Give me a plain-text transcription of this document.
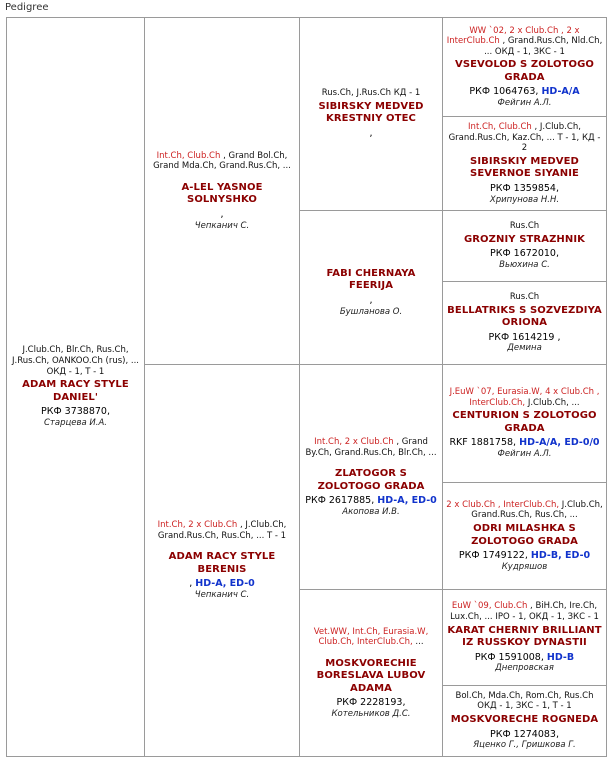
Pedigree
J.Club.Ch, Blr.Ch, Rus.Ch, J.Rus.Ch, OANKOO.Ch (rus), ... ОКД - 1, Т - 1
ADAM RACY STYLE DANIEL'
РКФ 3738870,
Старцева И.А.	Int.Ch, Club.Ch , Grand Bol.Ch, Grand Mda.Ch, Grand.Rus.Ch, ...
A-LEL YASNOE SOLNYSHKO
,
Чепканич С.	Rus.Ch, J.Rus.Ch КД - 1
SIBIRSKY MEDVED KRESTNIY OTEC
,	WW `02, 2 x Club.Ch , 2 x InterClub.Ch , Grand.Rus.Ch, Nld.Ch, ... ОКД - 1, ЗКС - 1
VSEVOLOD S ZOLOTOGO GRADA
РКФ 1064763, HD-A/A
Фейгин А.Л.

			Int.Ch, Club.Ch , J.Club.Ch, Grand.Rus.Ch, Kaz.Ch, ... Т - 1, КД - 2
SIBIRSKIY MEDVED SEVERNOE SIYANIE
РКФ 1359854,
Хрипунова Н.Н.

		FABI CHERNAYA FEERIJA
,
Бушланова О.	Rus.Ch
GROZNIY STRAZHNIK
РКФ 1672010,
Вьюхина С.

			Rus.Ch
BELLATRIKS S SOZVEZDIYA ORIONA
РКФ 1614219 ,
Демина

	Int.Ch, 2 x Club.Ch , J.Club.Ch, Grand.Rus.Ch, Rus.Ch, ... Т - 1
ADAM RACY STYLE BERENIS
, HD-A, ED-0
Чепканич С.	Int.Ch, 2 x Club.Ch , Grand By.Ch, Grand.Rus.Ch, Blr.Ch, ...
ZLATOGOR S ZOLOTOGO GRADA
РКФ 2617885, HD-A, ED-0
Акопова И.В.	J.EuW `07, Eurasia.W, 4 x Club.Ch , InterClub.Ch, J.Club.Ch, ...
CENTURION S ZOLOTOGO GRADA
RKF 1881758, HD-A/A, ED-0/0
Фейгин А.Л.

			2 x Club.Ch , InterClub.Ch, J.Club.Ch, Grand.Rus.Ch, Rus.Ch, ...
ODRI MILASHKA S ZOLOTOGO GRADA
РКФ 1749122, HD-B, ED-0
Кудряшов

		Vet.WW, Int.Ch, Eurasia.W, Club.Ch, InterClub.Ch, ...
MOSKVORECHIE BORESLAVA LUBOV ADAMA
РКФ 2228193,
Котельников Д.С.	EuW `09, Club.Ch , BiH.Ch, Ire.Ch, Lux.Ch, ... IPO - 1, ОКД - 1, ЗКС - 1
KARAT CHERNIY BRILLIANT IZ RUSSKOY DYNASTII
РКФ 1591008, HD-B
Днепровская

			Bol.Ch, Mda.Ch, Rom.Ch, Rus.Ch ОКД - 1, ЗКС - 1, Т - 1
MOSKVORECHE ROGNEDA
РКФ 1274083,
Яценко Г., Гришкова Г.
